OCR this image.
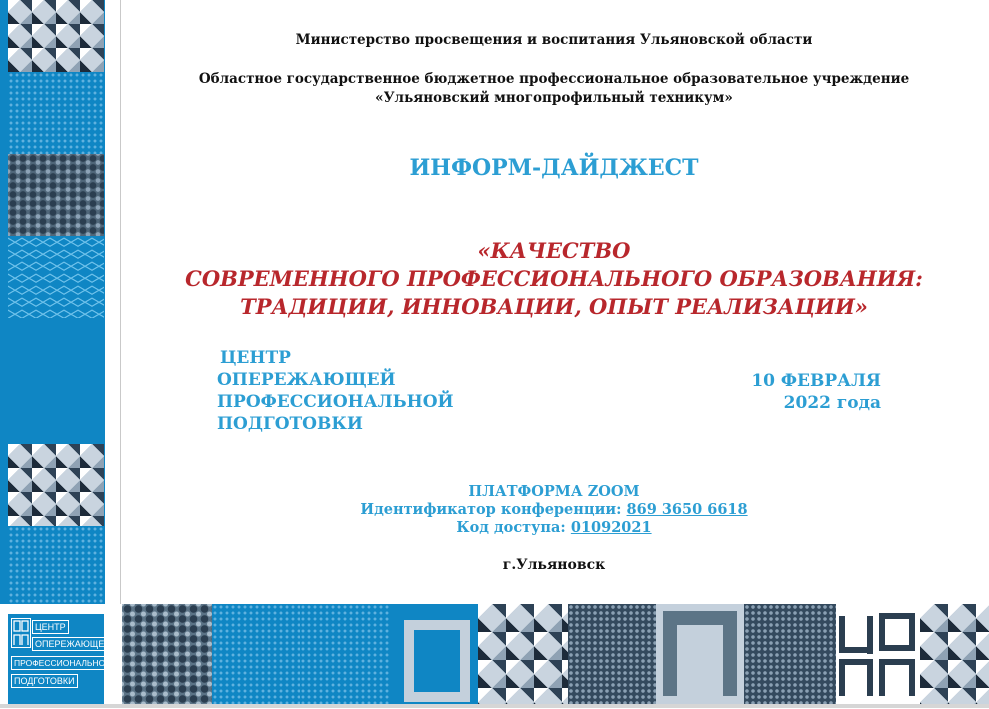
Министерство просвещения и воспитания Ульяновской области
Областное государственное бюджетное профессиональное образовательное учреждение
«Ульяновский многопрофильный техникум»
ИНФОРМ-ДАЙДЖЕСТ
«КАЧЕСТВО
СОВРЕМЕННОГО ПРОФЕССИОНАЛЬНОГО ОБРАЗОВАНИЯ:
ТРАДИЦИИ, ИННОВАЦИИ, ОПЫТ РЕАЛИЗАЦИИ»
ЦЕНТР
ОПЕРЕЖАЮЩЕЙ
ПРОФЕССИОНАЛЬНОЙ
ПОДГОТОВКИ
10 ФЕВРАЛЯ
2022 года
ПЛАТФОРМА ZOOM
Идентификатор конференции: 869 3650 6618
Код доступа: 01092021
г.Ульяновск
ЦЕНТР
ОПЕРЕЖАЮЩЕЙ
ПРОФЕССИОНАЛЬНОЙ
ПОДГОТОВКИ
